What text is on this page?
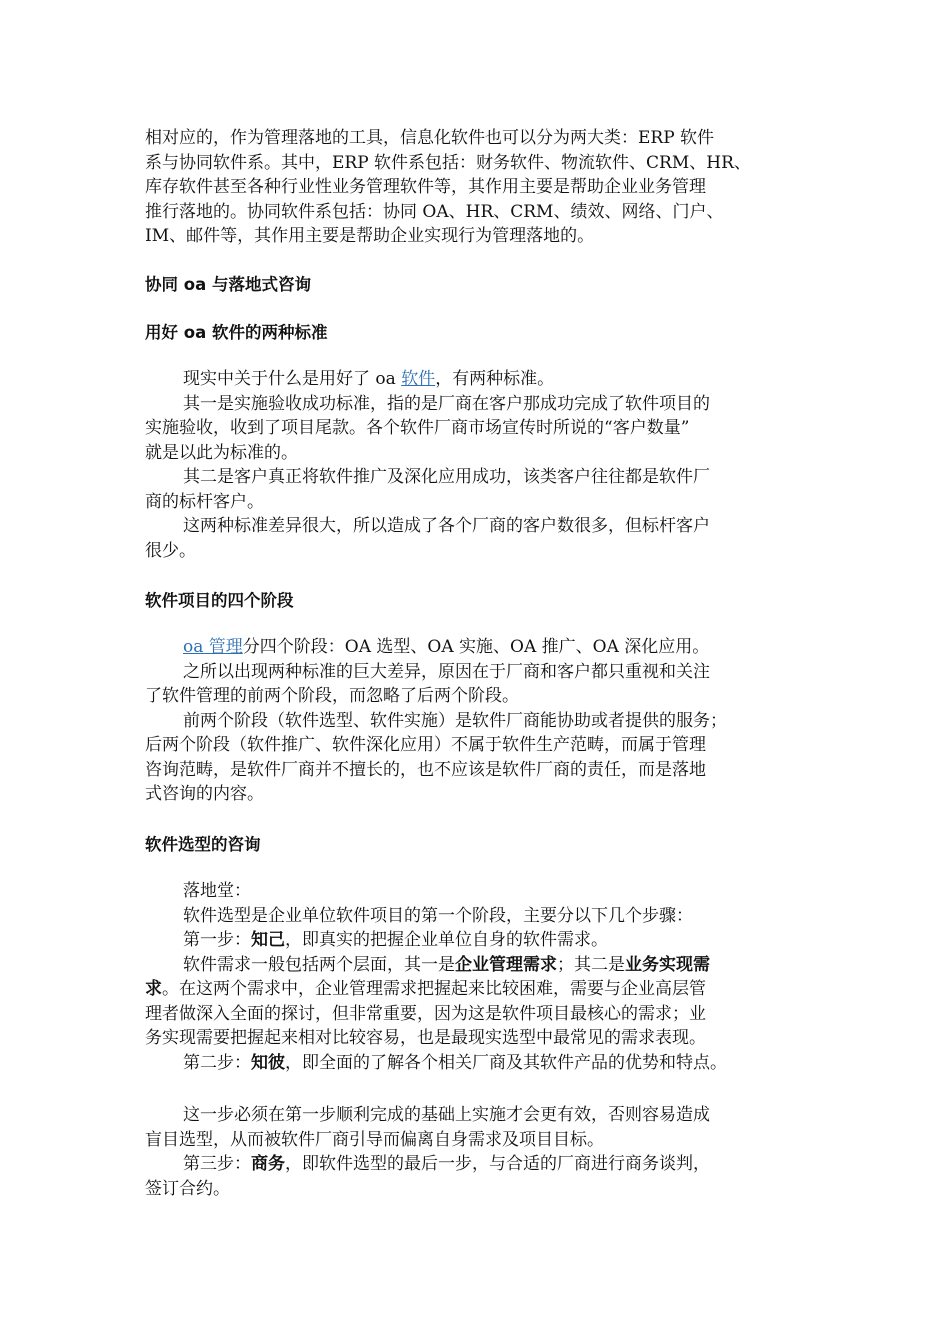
相对应的，作为管理落地的工具，信息化软件也可以分为两大类：ERP 软件
系与协同软件系。其中，ERP 软件系包括：财务软件、物流软件、CRM、HR、
库存软件甚至各种行业性业务管理软件等，其作用主要是帮助企业业务管理
推行落地的。协同软件系包括：协同 OA、HR、CRM、绩效、网络、门户、
IM、邮件等，其作用主要是帮助企业实现行为管理落地的。
协同 oa 与落地式咨询
用好 oa 软件的两种标准
现实中关于什么是用好了 oa 软件，有两种标准。
其一是实施验收成功标准，指的是厂商在客户那成功完成了软件项目的
实施验收，收到了项目尾款。各个软件厂商市场宣传时所说的“客户数量”
就是以此为标准的。
其二是客户真正将软件推广及深化应用成功，该类客户往往都是软件厂
商的标杆客户。
这两种标准差异很大，所以造成了各个厂商的客户数很多，但标杆客户
很少。
软件项目的四个阶段
oa 管理分四个阶段：OA 选型、OA 实施、OA 推广、OA 深化应用。
之所以出现两种标准的巨大差异，原因在于厂商和客户都只重视和关注
了软件管理的前两个阶段，而忽略了后两个阶段。
前两个阶段（软件选型、软件实施）是软件厂商能协助或者提供的服务；
后两个阶段（软件推广、软件深化应用）不属于软件生产范畴，而属于管理
咨询范畴，是软件厂商并不擅长的，也不应该是软件厂商的责任，而是落地
式咨询的内容。
软件选型的咨询
落地堂：
软件选型是企业单位软件项目的第一个阶段，主要分以下几个步骤：
第一步：知己，即真实的把握企业单位自身的软件需求。
软件需求一般包括两个层面，其一是企业管理需求；其二是业务实现需
求。在这两个需求中，企业管理需求把握起来比较困难，需要与企业高层管
理者做深入全面的探讨，但非常重要，因为这是软件项目最核心的需求；业
务实现需要把握起来相对比较容易，也是最现实选型中最常见的需求表现。
第二步：知彼，即全面的了解各个相关厂商及其软件产品的优势和特点。
这一步必须在第一步顺利完成的基础上实施才会更有效，否则容易造成
盲目选型，从而被软件厂商引导而偏离自身需求及项目目标。
第三步：商务，即软件选型的最后一步，与合适的厂商进行商务谈判，
签订合约。
